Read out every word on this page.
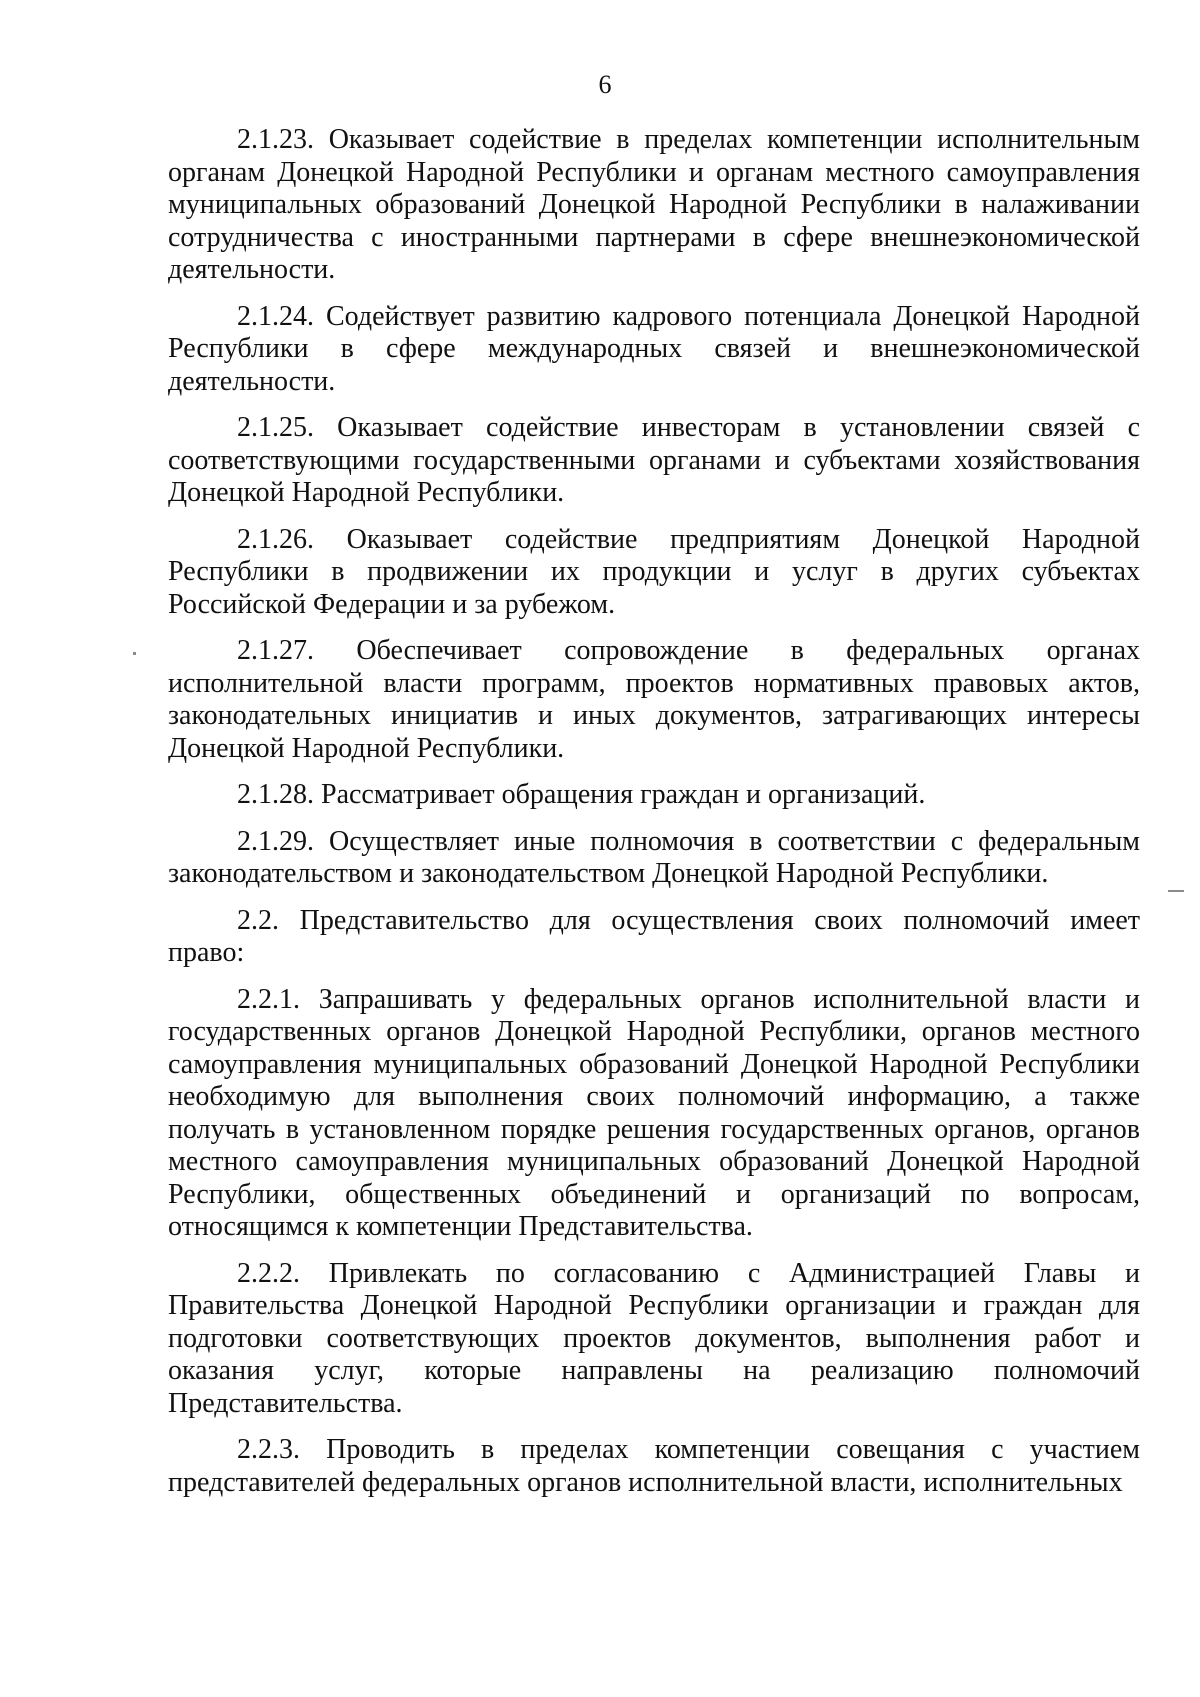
6

2.1.23. Оказывает содействие в пределах компетенции исполнительным органам Донецкой Народной Республики и органам местного самоуправления муниципальных образований Донецкой Народной Республики в налаживании сотрудничества с иностранными партнерами в сфере внешнеэкономической деятельности.

2.1.24. Содействует развитию кадрового потенциала Донецкой Народной Республики в сфере международных связей и внешнеэкономической деятельности.

2.1.25. Оказывает содействие инвесторам в установлении связей с соответствующими государственными органами и субъектами хозяйствования Донецкой Народной Республики.

2.1.26. Оказывает содействие предприятиям Донецкой Народной Республики в продвижении их продукции и услуг в других субъектах Российской Федерации и за рубежом.

2.1.27. Обеспечивает сопровождение в федеральных органах исполнительной власти программ, проектов нормативных правовых актов, законодательных инициатив и иных документов, затрагивающих интересы Донецкой Народной Республики.

2.1.28. Рассматривает обращения граждан и организаций.

2.1.29. Осуществляет иные полномочия в соответствии с федеральным законодательством и законодательством Донецкой Народной Республики.

2.2. Представительство для осуществления своих полномочий имеет право:

2.2.1. Запрашивать у федеральных органов исполнительной власти и государственных органов Донецкой Народной Республики, органов местного самоуправления муниципальных образований Донецкой Народной Республики необходимую для выполнения своих полномочий информацию, а также получать в установленном порядке решения государственных органов, органов местного самоуправления муниципальных образований Донецкой Народной Республики, общественных объединений и организаций по вопросам, относящимся к компетенции Представительства.

2.2.2. Привлекать по согласованию с Администрацией Главы и Правительства Донецкой Народной Республики организации и граждан для подготовки соответствующих проектов документов, выполнения работ и оказания услуг, которые направлены на реализацию полномочий Представительства.

2.2.3. Проводить в пределах компетенции совещания с участием представителей федеральных органов исполнительной власти, исполнительных
